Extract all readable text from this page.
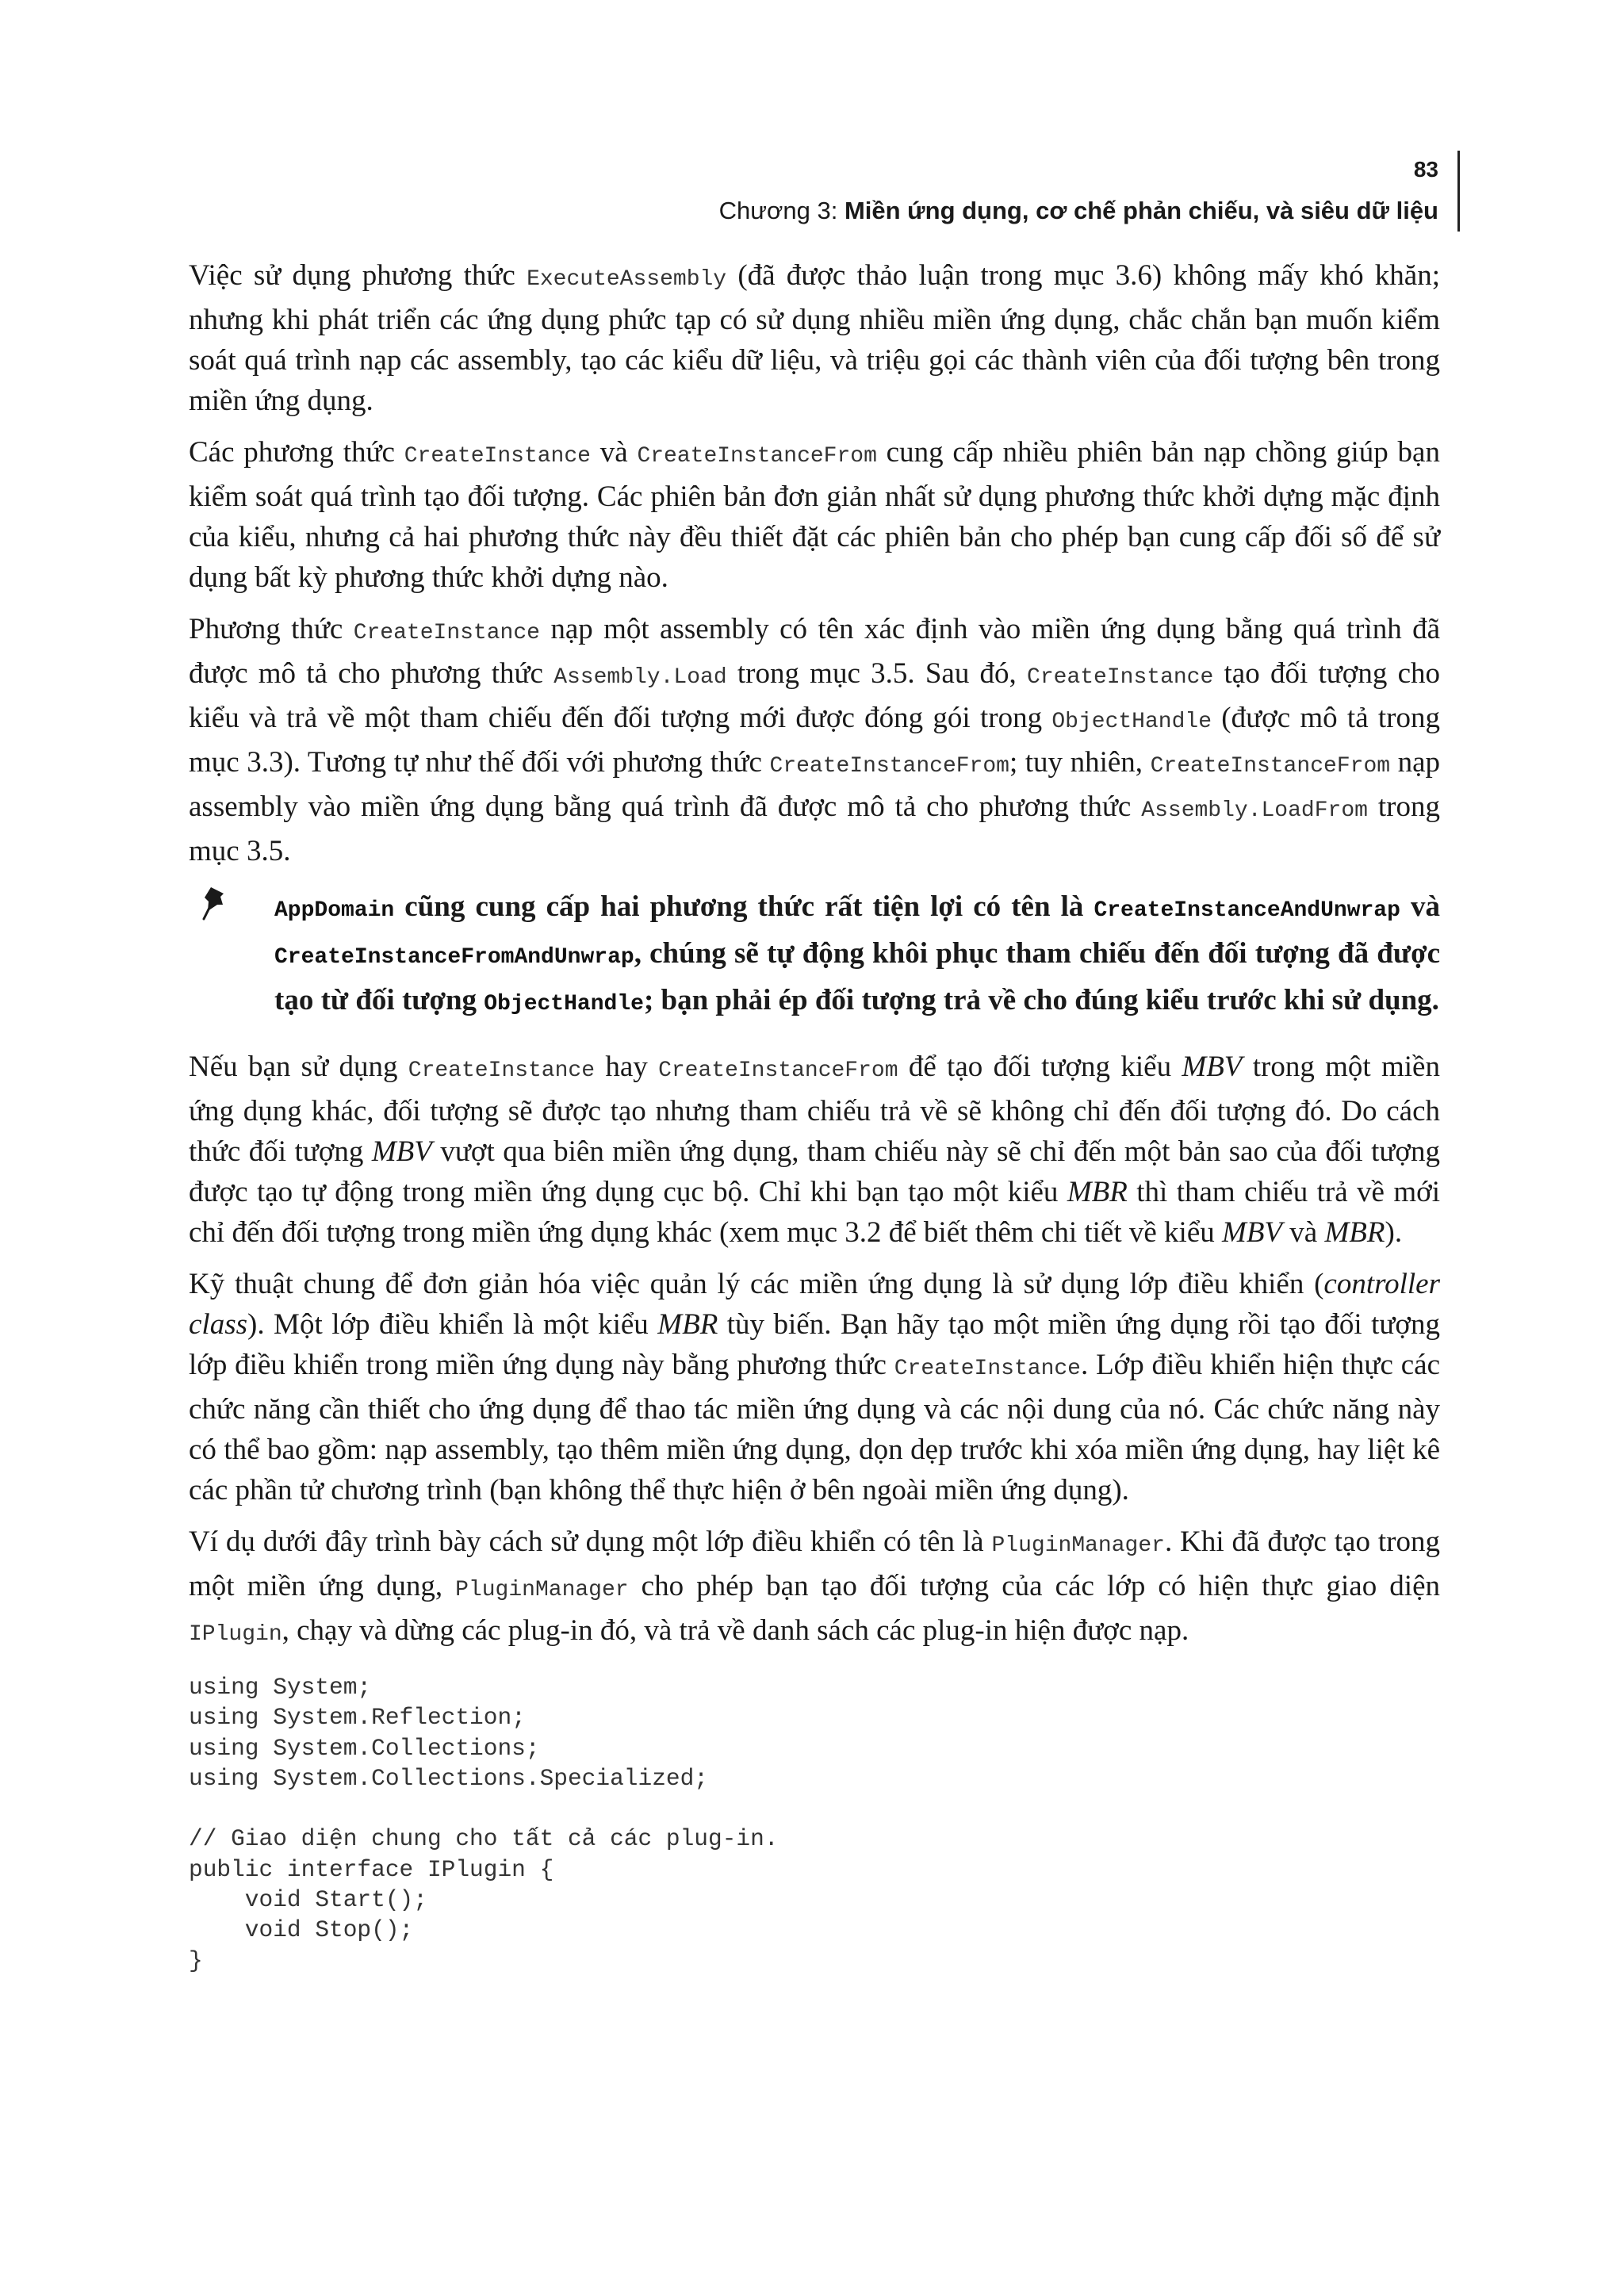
83
Chương 3: Miền ứng dụng, cơ chế phản chiếu, và siêu dữ liệu

Việc sử dụng phương thức ExecuteAssembly (đã được thảo luận trong mục 3.6) không mấy khó khăn; nhưng khi phát triển các ứng dụng phức tạp có sử dụng nhiều miền ứng dụng, chắc chắn bạn muốn kiểm soát quá trình nạp các assembly, tạo các kiểu dữ liệu, và triệu gọi các thành viên của đối tượng bên trong miền ứng dụng.

Các phương thức CreateInstance và CreateInstanceFrom cung cấp nhiều phiên bản nạp chồng giúp bạn kiểm soát quá trình tạo đối tượng. Các phiên bản đơn giản nhất sử dụng phương thức khởi dựng mặc định của kiểu, nhưng cả hai phương thức này đều thiết đặt các phiên bản cho phép bạn cung cấp đối số để sử dụng bất kỳ phương thức khởi dựng nào.

Phương thức CreateInstance nạp một assembly có tên xác định vào miền ứng dụng bằng quá trình đã được mô tả cho phương thức Assembly.Load trong mục 3.5. Sau đó, CreateInstance tạo đối tượng cho kiểu và trả về một tham chiếu đến đối tượng mới được đóng gói trong ObjectHandle (được mô tả trong mục 3.3). Tương tự như thế đối với phương thức CreateInstanceFrom; tuy nhiên, CreateInstanceFrom nạp assembly vào miền ứng dụng bằng quá trình đã được mô tả cho phương thức Assembly.LoadFrom trong mục 3.5.

AppDomain cũng cung cấp hai phương thức rất tiện lợi có tên là CreateInstanceAndUnwrap và CreateInstanceFromAndUnwrap, chúng sẽ tự động khôi phục tham chiếu đến đối tượng đã được tạo từ đối tượng ObjectHandle; bạn phải ép đối tượng trả về cho đúng kiểu trước khi sử dụng.

Nếu bạn sử dụng CreateInstance hay CreateInstanceFrom để tạo đối tượng kiểu MBV trong một miền ứng dụng khác, đối tượng sẽ được tạo nhưng tham chiếu trả về sẽ không chỉ đến đối tượng đó. Do cách thức đối tượng MBV vượt qua biên miền ứng dụng, tham chiếu này sẽ chỉ đến một bản sao của đối tượng được tạo tự động trong miền ứng dụng cục bộ. Chỉ khi bạn tạo một kiểu MBR thì tham chiếu trả về mới chỉ đến đối tượng trong miền ứng dụng khác (xem mục 3.2 để biết thêm chi tiết về kiểu MBV và MBR).

Kỹ thuật chung để đơn giản hóa việc quản lý các miền ứng dụng là sử dụng lớp điều khiển (controller class). Một lớp điều khiển là một kiểu MBR tùy biến. Bạn hãy tạo một miền ứng dụng rồi tạo đối tượng lớp điều khiển trong miền ứng dụng này bằng phương thức CreateInstance. Lớp điều khiển hiện thực các chức năng cần thiết cho ứng dụng để thao tác miền ứng dụng và các nội dung của nó. Các chức năng này có thể bao gồm: nạp assembly, tạo thêm miền ứng dụng, dọn dẹp trước khi xóa miền ứng dụng, hay liệt kê các phần tử chương trình (bạn không thể thực hiện ở bên ngoài miền ứng dụng).

Ví dụ dưới đây trình bày cách sử dụng một lớp điều khiển có tên là PluginManager. Khi đã được tạo trong một miền ứng dụng, PluginManager cho phép bạn tạo đối tượng của các lớp có hiện thực giao diện IPlugin, chạy và dừng các plug-in đó, và trả về danh sách các plug-in hiện được nạp.

using System;
using System.Reflection;
using System.Collections;
using System.Collections.Specialized;
// Giao diện chung cho tất cả các plug-in.
public interface IPlugin {
void Start();
void Stop();
}
